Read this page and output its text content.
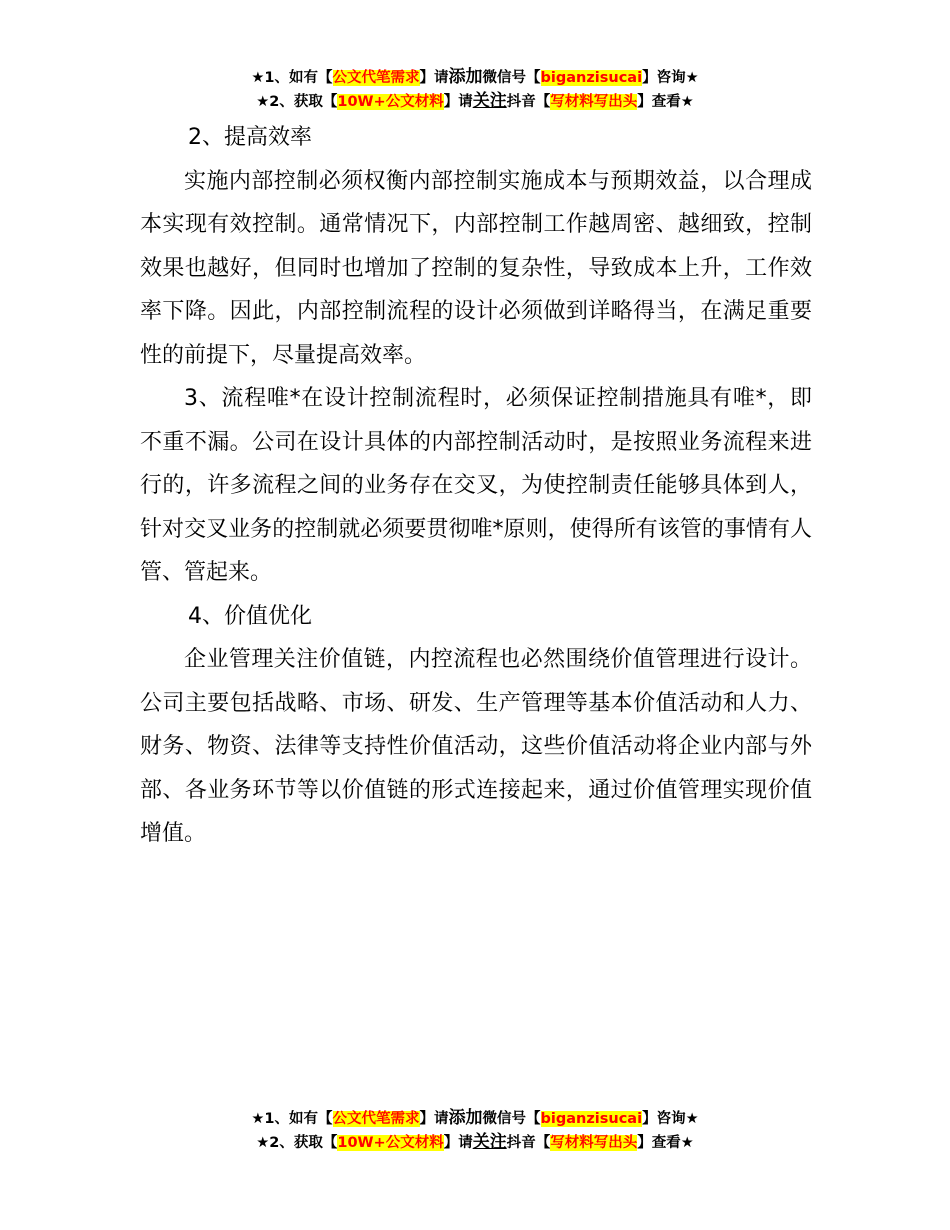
★1、如有【公文代笔需求】请添加微信号【biganzisucai】咨询★
★2、获取【10W+公文材料】请关注抖音【写材料写出头】查看★

2、提高效率

实施内部控制必须权衡内部控制实施成本与预期效益，以合理成本实现有效控制。通常情况下，内部控制工作越周密、越细致，控制效果也越好，但同时也增加了控制的复杂性，导致成本上升，工作效率下降。因此，内部控制流程的设计必须做到详略得当，在满足重要性的前提下，尽量提高效率。

3、流程唯*在设计控制流程时，必须保证控制措施具有唯*，即不重不漏。公司在设计具体的内部控制活动时，是按照业务流程来进行的，许多流程之间的业务存在交叉，为使控制责任能够具体到人，针对交叉业务的控制就必须要贯彻唯*原则，使得所有该管的事情有人管、管起来。

4、价值优化

企业管理关注价值链，内控流程也必然围绕价值管理进行设计。公司主要包括战略、市场、研发、生产管理等基本价值活动和人力、财务、物资、法律等支持性价值活动，这些价值活动将企业内部与外部、各业务环节等以价值链的形式连接起来，通过价值管理实现价值增值。

★1、如有【公文代笔需求】请添加微信号【biganzisucai】咨询★
★2、获取【10W+公文材料】请关注抖音【写材料写出头】查看★
